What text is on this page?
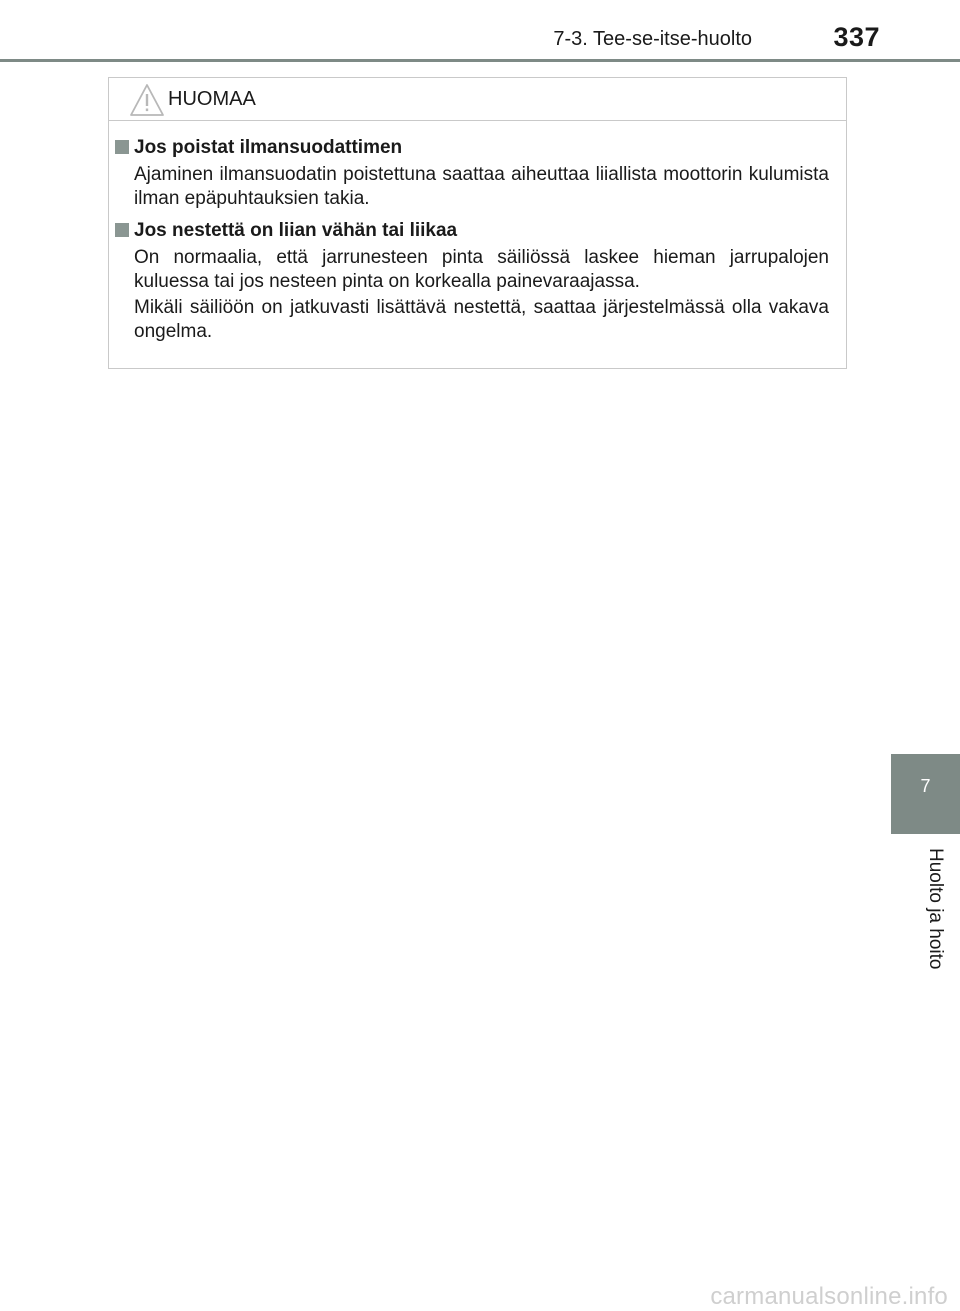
7-3. Tee-se-itse-huolto	337
HUOMAA
Jos poistat ilmansuodattimen

Ajaminen ilmansuodatin poistettuna saattaa aiheuttaa liiallista moottorin kulumista ilman epäpuhtauksien takia.

Jos nestettä on liian vähän tai liikaa

On normaalia, että jarrunesteen pinta säiliössä laskee hieman jarrupalojen kuluessa tai jos nesteen pinta on korkealla painevaraajassa.

Mikäli säiliöön on jatkuvasti lisättävä nestettä, saattaa järjestelmässä olla vakava ongelma.

7
Huolto ja hoito
carmanualsonline.info
